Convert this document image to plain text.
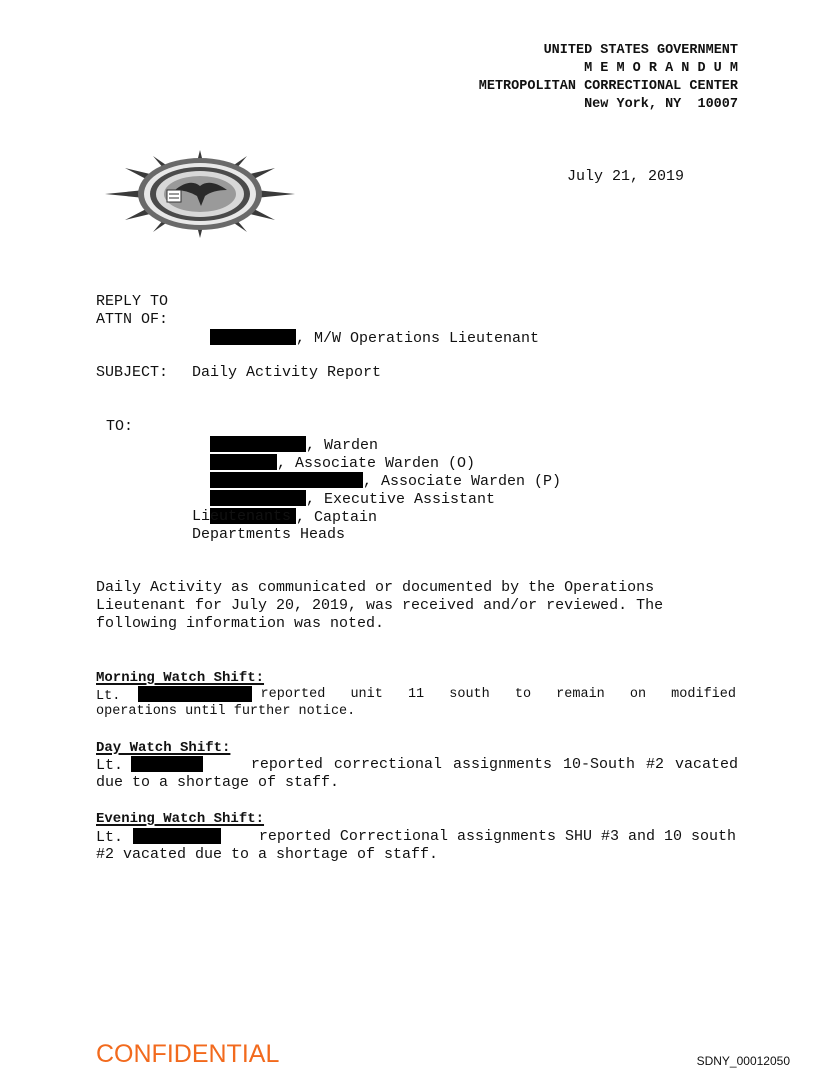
UNITED STATES GOVERNMENT
M E M O R A N D U M
METROPOLITAN CORRECTIONAL CENTER
New York, NY  10007

July 21, 2019
REPLY TO
ATTN OF:

, M/W Operations Lieutenant

SUBJECT: Daily Activity Report
TO:

, Warden

, Associate Warden (O)

, Associate Warden (P)

, Executive Assistant

, Captain

Lieutenants
Departments Heads
Daily Activity as communicated or documented by the Operations
Lieutenant for July 20, 2019, was received and/or reviewed. The
following information was noted.
Morning Watch Shift:
Lt.	reported unit 11 south to remain on modified
operations until further notice.
Day Watch Shift:
Lt.	reported correctional assignments 10-South #2 vacated
due to a shortage of staff.
Evening Watch Shift:
Lt.	reported Correctional assignments SHU #3 and 10 south
#2 vacated due to a shortage of staff.
CONFIDENTIAL	SDNY_00012050
